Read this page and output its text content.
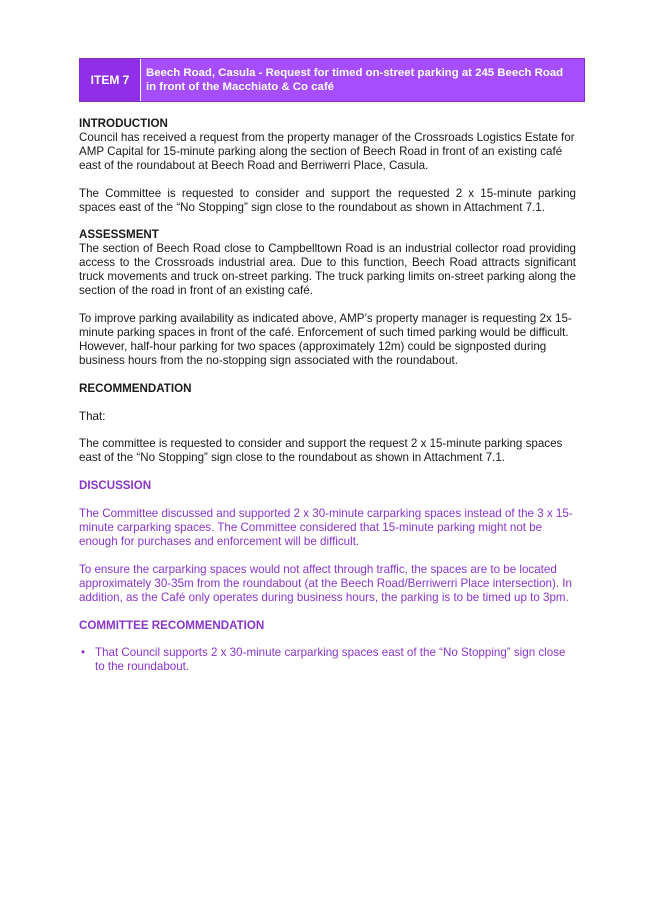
ITEM 7	Beech Road, Casula - Request for timed on-street parking at 245 Beech Road
in front of the Macchiato & Co café
INTRODUCTION

Council has received a request from the property manager of the Crossroads Logistics Estate for AMP Capital for 15-minute parking along the section of Beech Road in front of an existing café east of the roundabout at Beech Road and Berriwerri Place, Casula.

The Committee is requested to consider and support the requested 2 x 15-minute parking spaces east of the “No Stopping” sign close to the roundabout as shown in Attachment 7.1.

ASSESSMENT

The section of Beech Road close to Campbelltown Road is an industrial collector road providing access to the Crossroads industrial area. Due to this function, Beech Road attracts significant truck movements and truck on-street parking. The truck parking limits on-street parking along the section of the road in front of an existing café.

To improve parking availability as indicated above, AMP’s property manager is requesting 2x 15-minute parking spaces in front of the café. Enforcement of such timed parking would be difficult. However, half-hour parking for two spaces (approximately 12m) could be signposted during business hours from the no-stopping sign associated with the roundabout.

RECOMMENDATION

That:

The committee is requested to consider and support the request 2 x 15-minute parking spaces east of the “No Stopping” sign close to the roundabout as shown in Attachment 7.1.

DISCUSSION

The Committee discussed and supported 2 x 30-minute carparking spaces instead of the 3 x 15-minute carparking spaces. The Committee considered that 15-minute parking might not be enough for purchases and enforcement will be difficult.

To ensure the carparking spaces would not affect through traffic, the spaces are to be located approximately 30-35m from the roundabout (at the Beech Road/Berriwerri Place intersection). In addition, as the Café only operates during business hours, the parking is to be timed up to 3pm.

COMMITTEE RECOMMENDATION
• That Council supports 2 x 30-minute carparking spaces east of the “No Stopping” sign close to the roundabout.
